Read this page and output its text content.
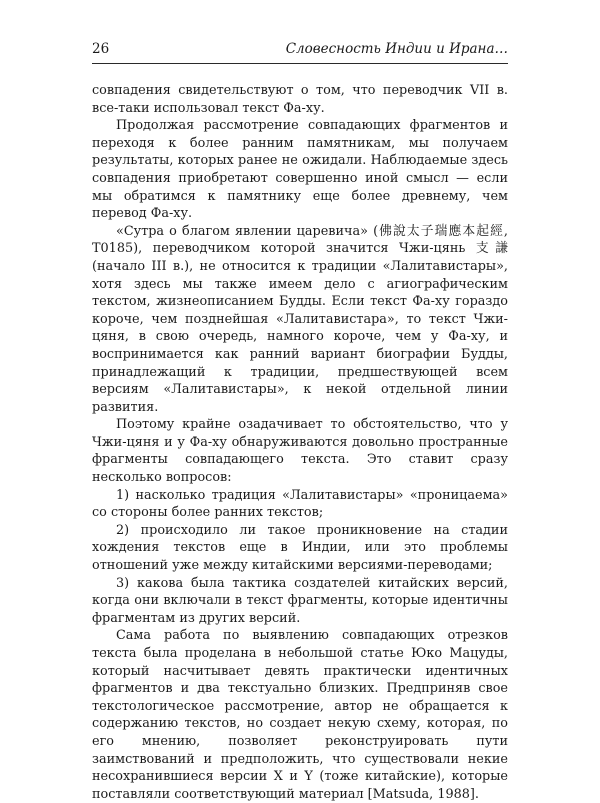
26	Словесность Индии и Ирана…

совпадения свидетельствуют о том, что переводчик VII в. все-таки использовал текст Фа-ху.

Продолжая рассмотрение совпадающих фрагментов и переходя к более ранним памятникам, мы получаем результаты, которых ранее не ожидали. Наблюдаемые здесь совпадения приобретают совершенно иной смысл — если мы обратимся к памятнику еще более древнему, чем перевод Фа-ху.

«Сутра о благом явлении царевича» (佛說太子瑞應本起經, T0185), переводчиком которой значится Чжи-цянь 支謙 (начало III в.), не относится к традиции «Лалитавистары», хотя здесь мы также имеем дело с агиографическим текстом, жизнеописанием Будды. Если текст Фа-ху гораздо короче, чем позднейшая «Лалитавистара», то текст Чжи-цяня, в свою очередь, намного короче, чем у Фа-ху, и воспринимается как ранний вариант биографии Будды, принадлежащий к традиции, предшествующей всем версиям «Лалитавистары», к некой отдельной линии развития.

Поэтому крайне озадачивает то обстоятельство, что у Чжи-цяня и у Фа-ху обнаруживаются довольно пространные фрагменты совпадающего текста. Это ставит сразу несколько вопросов:

1) насколько традиция «Лалитавистары» «проницаема» со стороны более ранних текстов;

2) происходило ли такое проникновение на стадии хождения текстов еще в Индии, или это проблемы отношений уже между китайскими версиями-переводами;

3) какова была тактика создателей китайских версий, когда они включали в текст фрагменты, которые идентичны фрагментам из других версий.

Сама работа по выявлению совпадающих отрезков текста была проделана в небольшой статье Юко Мацуды, который насчитывает девять практически идентичных фрагментов и два текстуально близких. Предприняв свое текстологическое рассмотрение, автор не обращается к содержанию текстов, но создает некую схему, которая, по его мнению, позволяет реконструировать пути заимствований и предположить, что существовали некие несохранившиеся версии X и Y (тоже китайские), которые поставляли соответствующий материал [Matsuda, 1988].
